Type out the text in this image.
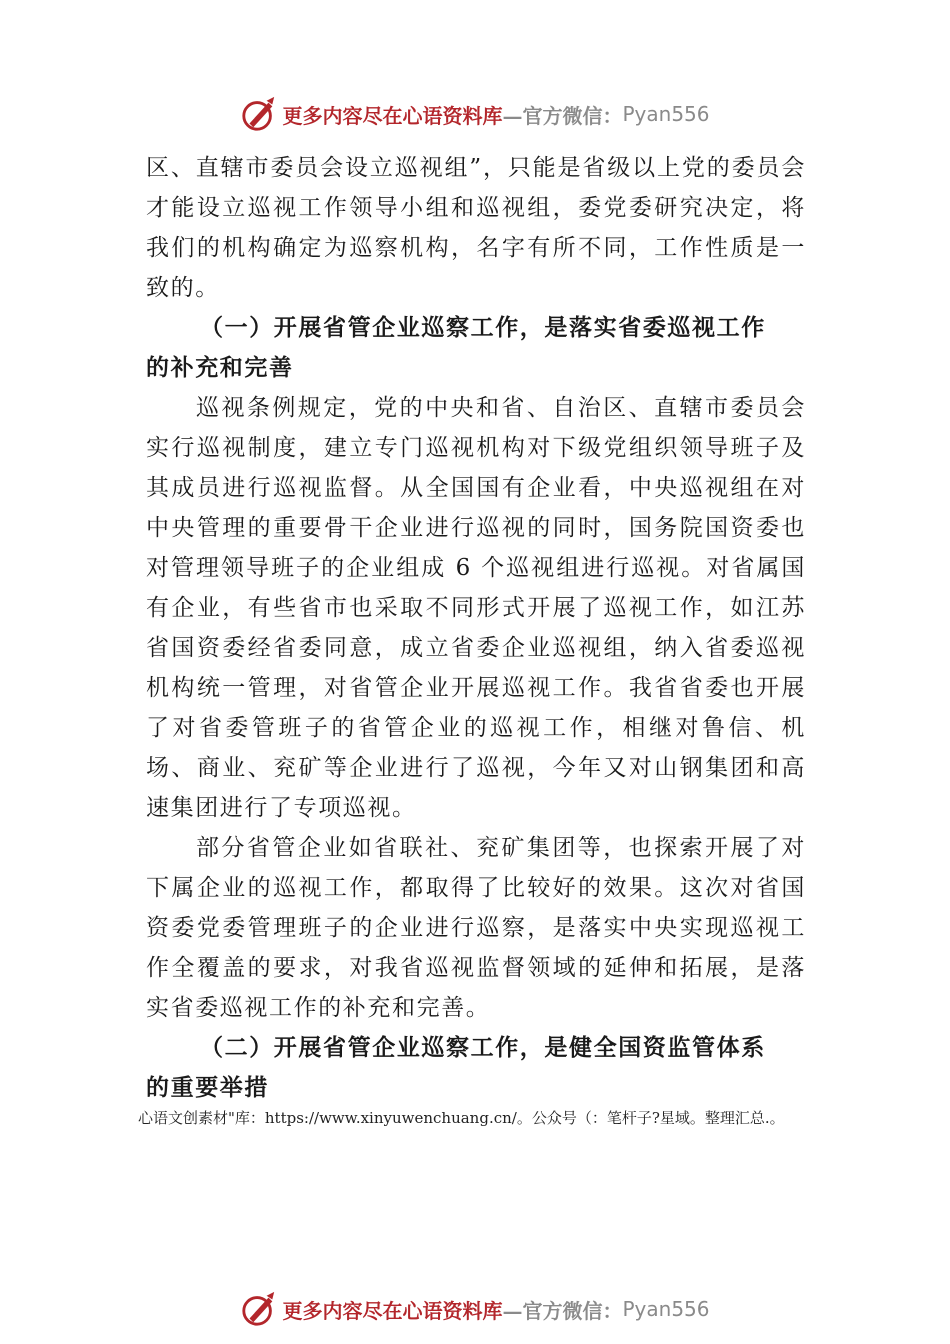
更多内容尽在心语资料库 —官方微信： Pyan556

区、直辖市委员会设立巡视组”，只能是省级以上党的委员会才能设立巡视工作领导小组和巡视组，委党委研究决定，将我们的机构确定为巡察机构，名字有所不同，工作性质是一致的。

（一）开展省管企业巡察工作，是落实省委巡视工作的补充和完善

巡视条例规定，党的中央和省、自治区、直辖市委员会实行巡视制度，建立专门巡视机构对下级党组织领导班子及其成员进行巡视监督。从全国国有企业看，中央巡视组在对中央管理的重要骨干企业进行巡视的同时，国务院国资委也对管理领导班子的企业组成 6 个巡视组进行巡视。对省属国有企业，有些省市也采取不同形式开展了巡视工作，如江苏省国资委经省委同意，成立省委企业巡视组，纳入省委巡视机构统一管理，对省管企业开展巡视工作。我省省委也开展了对省委管班子的省管企业的巡视工作，相继对鲁信、机场、商业、兖矿等企业进行了巡视，今年又对山钢集团和高速集团进行了专项巡视。

部分省管企业如省联社、兖矿集团等，也探索开展了对下属企业的巡视工作，都取得了比较好的效果。这次对省国资委党委管理班子的企业进行巡察，是落实中央实现巡视工作全覆盖的要求，对我省巡视监督领域的延伸和拓展，是落实省委巡视工作的补充和完善。

（二）开展省管企业巡察工作，是健全国资监管体系的重要举措

心语文创素材"库：https://www.xinyuwenchuang.cn/。公众号（：笔杆子?星域。整理汇总.。
更多内容尽在心语资料库 —官方微信： Pyan556
